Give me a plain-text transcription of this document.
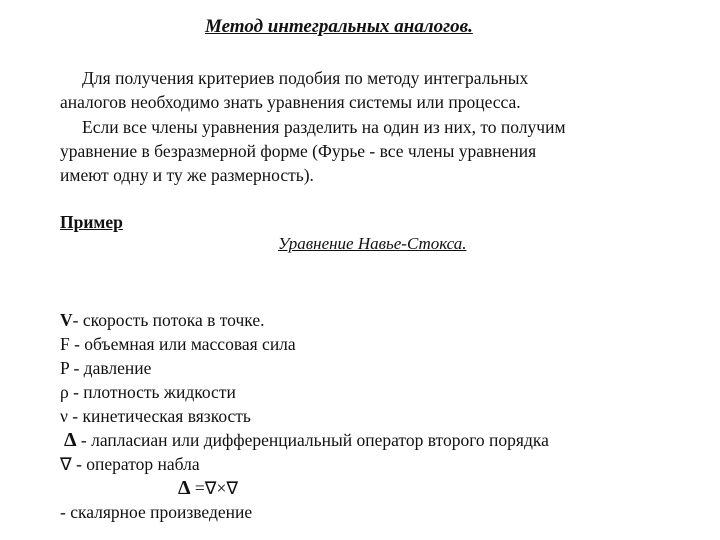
Метод интегральных аналогов.
Для получения критериев подобия по методу интегральных
аналогов необходимо знать уравнения системы или процесса.
Если все члены уравнения разделить на один из них, то получим
уравнение в безразмерной форме (Фурье - все члены уравнения
имеют одну и ту же размерность).
Пример
Уравнение Навье-Стокса.
V- скорость потока в точке.
F - объемная или массовая сила
P - давление
ρ - плотность жидкости
ν - кинетическая вязкость
Δ - лапласиан или дифференциальный оператор второго порядка
∇ - оператор набла
Δ =∇×∇
- скалярное произведение
